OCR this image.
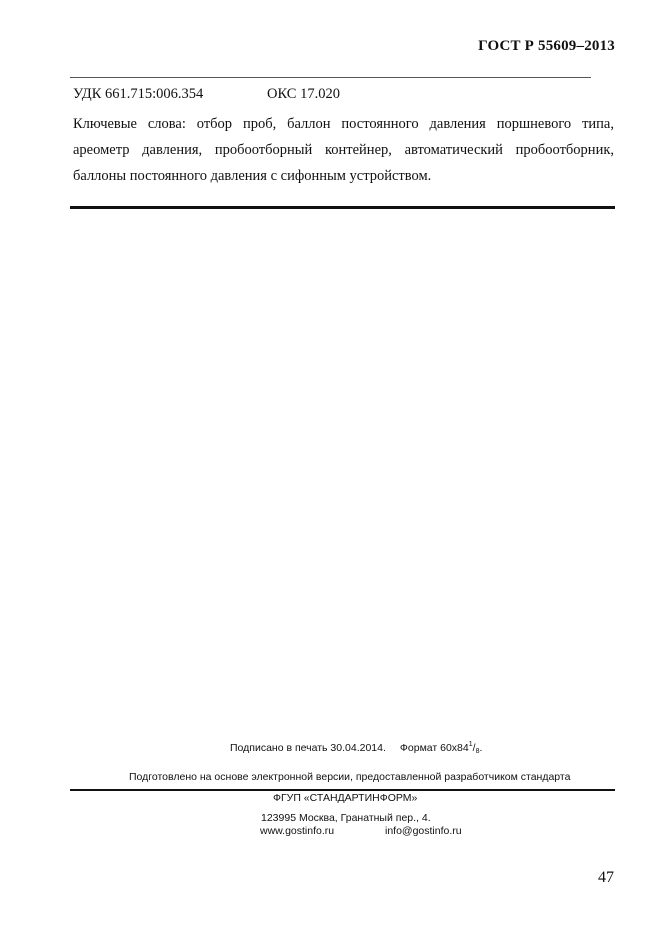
ГОСТ Р 55609–2013
УДК 661.715:006.354	ОКС 17.020
Ключевые слова: отбор проб, баллон постоянного давления поршневого типа,
ареометр давления, пробоотборный контейнер, автоматический пробоотборник,
баллоны постоянного давления с сифонным устройством.
Подписано в печать 30.04.2014. Формат $60x84^1/_8$.
Подготовлено на основе электронной версии, предоставленной разработчиком стандарта
ФГУП «СТАНДАРТИНФОРМ»
123995 Москва, Гранатный пер., 4.
www.gostinfo.ru	info@gostinfo.ru
47
